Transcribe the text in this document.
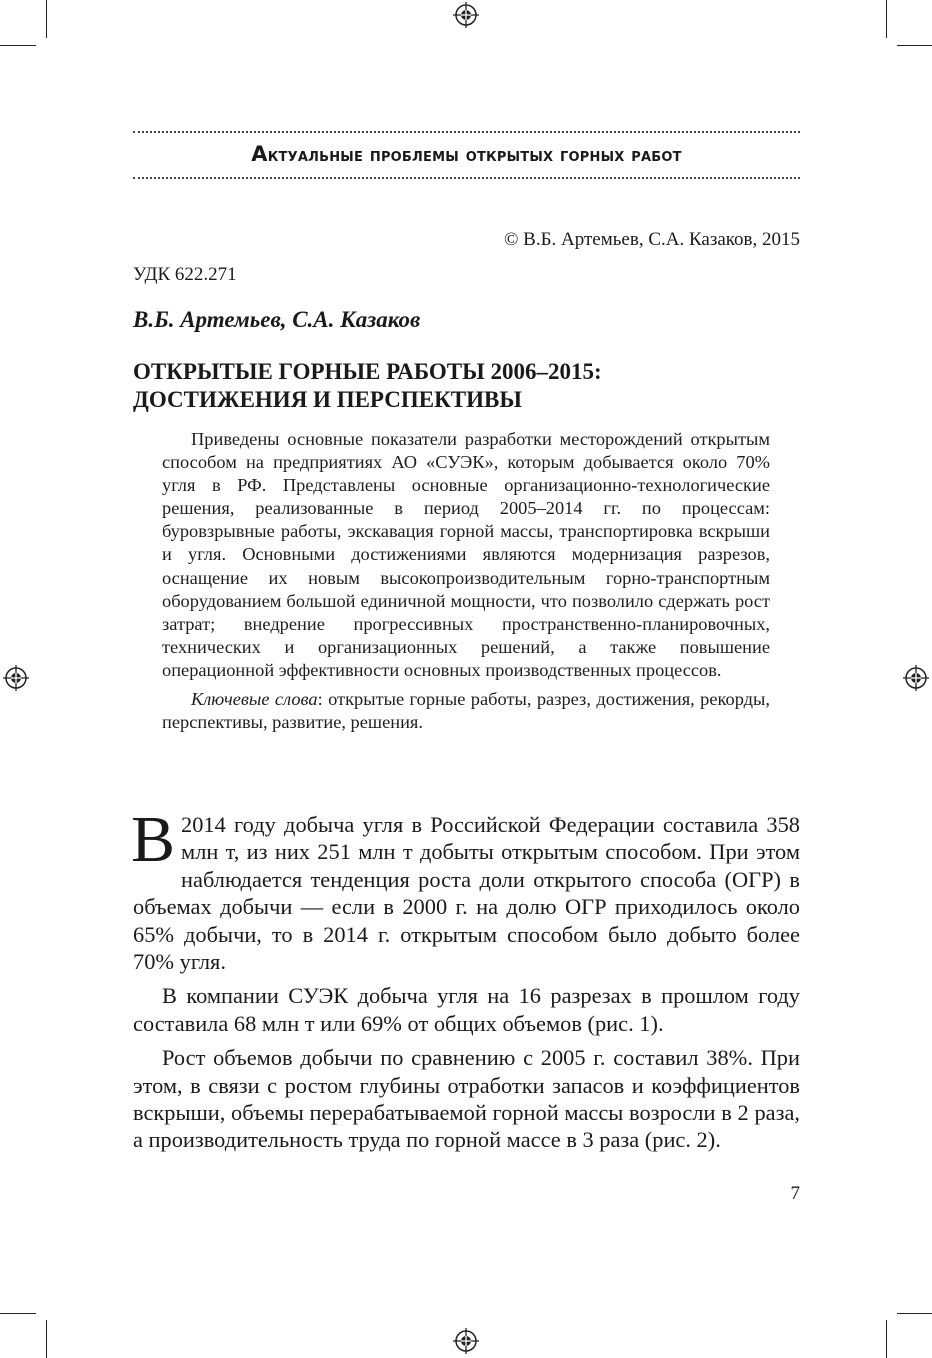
Актуальные проблемы открытых горных работ
© В.Б. Артемьев, С.А. Казаков, 2015
УДК 622.271
В.Б. Артемьев, С.А. Казаков
ОТКРЫТЫЕ ГОРНЫЕ РАБОТЫ 2006–2015:
ДОСТИЖЕНИЯ И ПЕРСПЕКТИВЫ

Приведены основные показатели разработки месторождений открытым способом на предприятиях АО «СУЭК», которым добывается около 70% угля в РФ. Представлены основные организационно-технологические решения, реализованные в период 2005–2014 гг. по процессам: буровзрывные работы, экскавация горной массы, транспортировка вскрыши и угля. Основными достижениями являются модернизация разрезов, оснащение их новым высокопроизводительным горно-транспортным оборудованием большой единичной мощности, что позволило сдержать рост затрат; внедрение прогрессивных пространственно-планировочных, технических и организационных решений, а также повышение операционной эффективности основных производственных процессов.

Ключевые слова: открытые горные работы, разрез, достижения, рекорды, перспективы, развитие, решения.

В 2014 году добыча угля в Российской Федерации составила 358 млн т, из них 251 млн т добыты открытым способом. При этом наблюдается тенденция роста доли открытого способа (ОГР) в объемах добычи — если в 2000 г. на долю ОГР приходилось около 65% добычи, то в 2014 г. открытым способом было добыто более 70% угля.

В компании СУЭК добыча угля на 16 разрезах в прошлом году составила 68 млн т или 69% от общих объемов (рис. 1).

Рост объемов добычи по сравнению с 2005 г. составил 38%. При этом, в связи с ростом глубины отработки запасов и коэффициентов вскрыши, объемы перерабатываемой горной массы возросли в 2 раза, а производительность труда по горной массе в 3 раза (рис. 2).

7
